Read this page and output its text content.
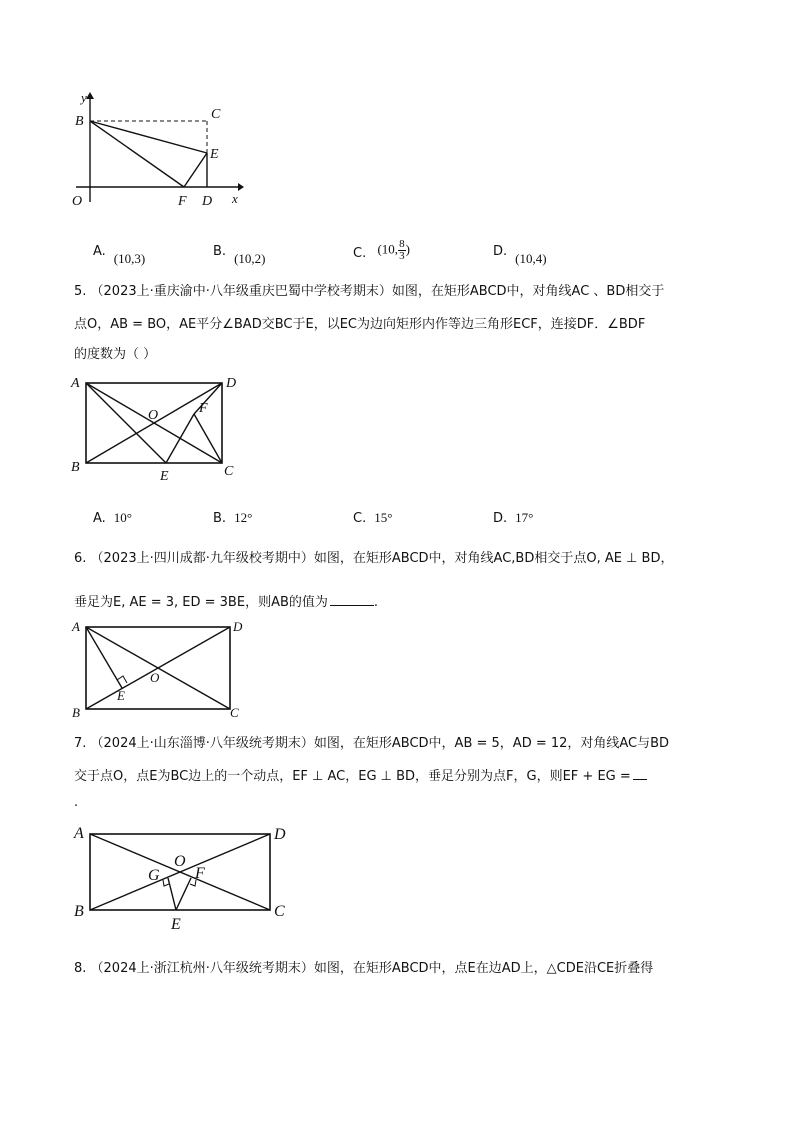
y
B	C
E
O	F D x
A. (10,3)	B. (10,2)	C. (10, $\frac{8}{3}$ )	D. (10,4)
5. （2023上·重庆渝中·八年级重庆巴蜀中学校考期末）如图，在矩形ABCD中，对角线AC 、BD相交于
点O，AB = BO，AE平分∠BAD交BC于E，以EC为边向矩形内作等边三角形ECF，连接DF．∠BDF
的度数为（ ）
A	D
O	F
B
E	C
A. 10°	B. 12°	C. 15°	D. 17°
6. （2023上·四川成都·九年级校考期中）如图，在矩形ABCD中，对角线AC,BD相交于点O, AE ⊥ BD，
垂足为E, AE = 3, ED = 3BE，则AB的值为	.
A	D
E
O
B	C
7. （2024上·山东淄博·八年级统考期末）如图，在矩形ABCD中，AB = 5，AD = 12，对角线AC与BD
交于点O，点E为BC边上的一个动点，EF ⊥ AC，EG ⊥ BD，垂足分别为点F，G，则EF + EG =
.
A	D
O
G F
B
E
C
8. （2024上·浙江杭州·八年级统考期末）如图，在矩形ABCD中，点E在边AD上，△CDE沿CE折叠得
